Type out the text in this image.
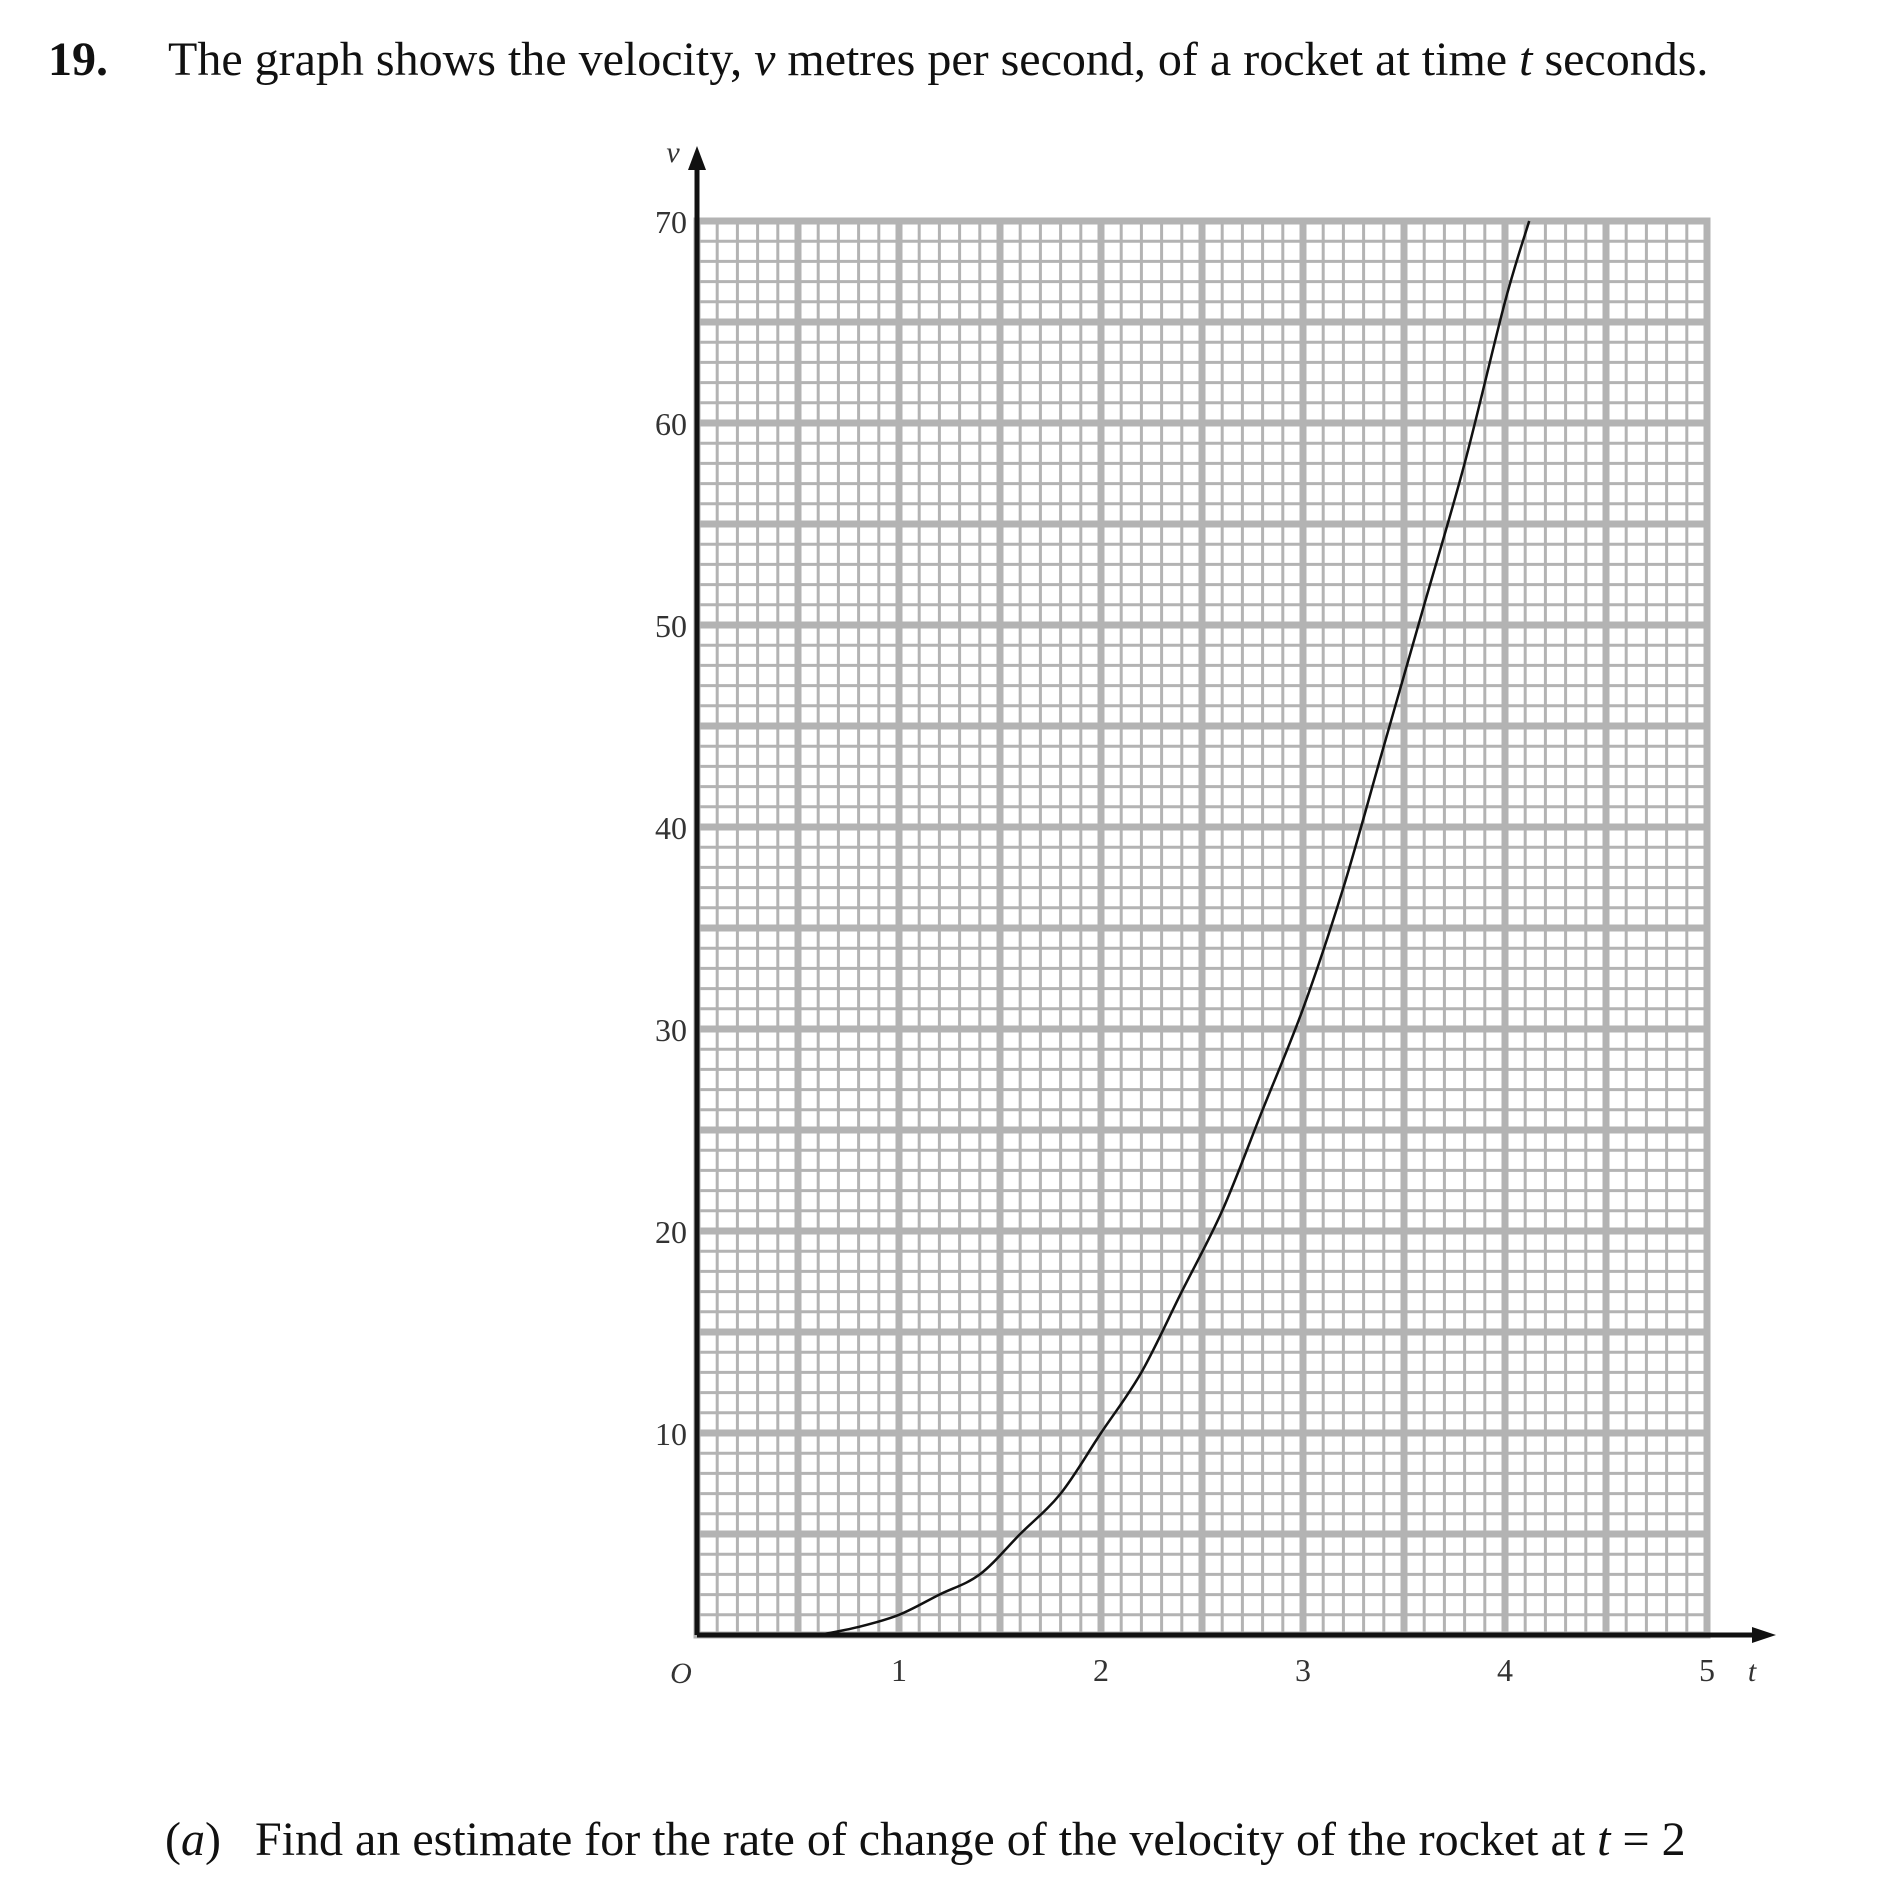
19. The graph shows the velocity, v metres per second, of a rocket at time t seconds.
10
20
30
40
50
60
70
1	2	3	4	5
O
v
t
(a) Find an estimate for the rate of change of the velocity of the rocket at t = 2
